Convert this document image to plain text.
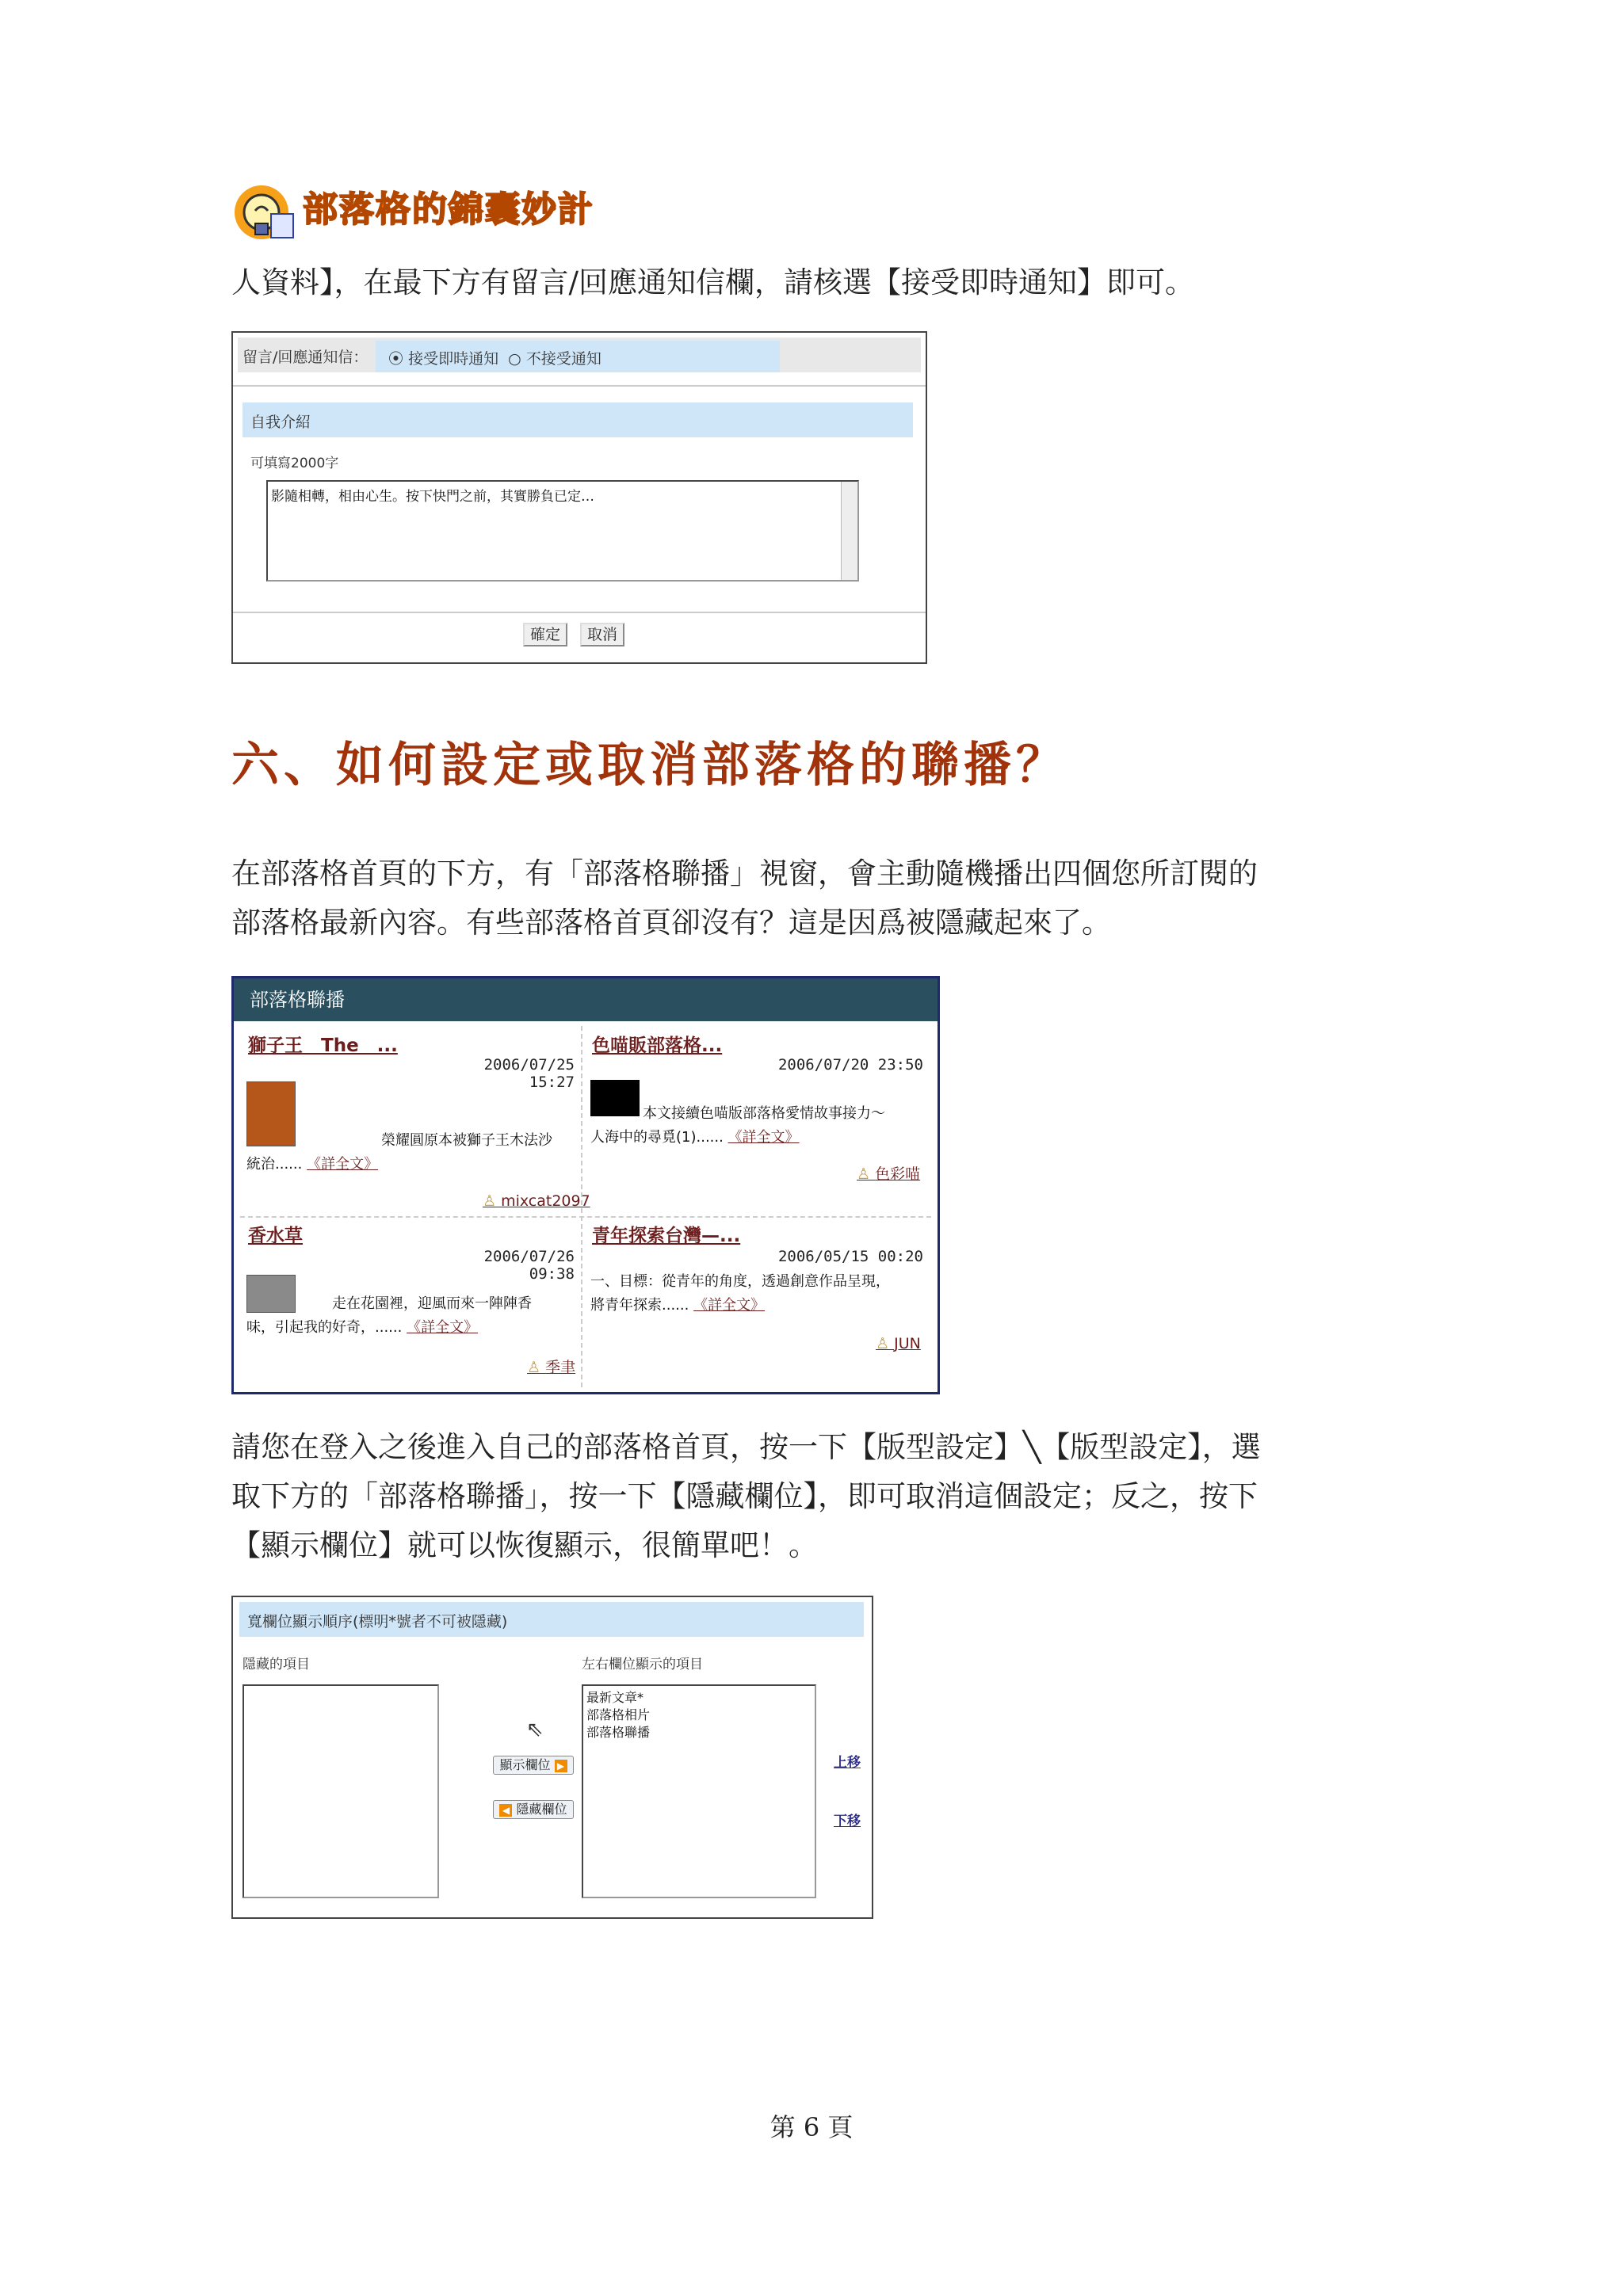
部落格的錦囊妙計
人資料】，在最下方有留言/回應通知信欄，請核選【接受即時通知】即可。
留言/回應通知信： ⦿ 接受即時通知 ○ 不接受通知
自我介紹
可填寫2000字
影隨相轉，相由心生。按下快門之前，其實勝負已定…
確定	取消
六、如何設定或取消部落格的聯播？
在部落格首頁的下方，有「部落格聯播」視窗，會主動隨機播出四個您所訂閱的
部落格最新內容。有些部落格首頁卻沒有？這是因爲被隱藏起來了。
部落格聯播
獅子王　The　...
2006/07/25 15:27
榮耀圓原本被獅子王木法沙
統治...... 《詳全文》
♙ mixcat2097
色喵販部落格...
2006/07/20 23:50
本文接續色喵版部落格愛情故事接力～
人海中的尋覓(1)...... 《詳全文》
♙ 色彩喵
香水草
2006/07/26 09:38
走在花園裡，迎風而來一陣陣香
味，引起我的好奇，...... 《詳全文》
♙ 季聿
青年探索台灣—...
2006/05/15 00:20
一、目標：從青年的角度，透過創意作品呈現，
將青年探索...... 《詳全文》
♙ JUN
請您在登入之後進入自己的部落格首頁，按一下【版型設定】╲【版型設定】，選
取下方的「部落格聯播」，按一下【隱藏欄位】，即可取消這個設定；反之，按下
【顯示欄位】就可以恢復顯示，很簡單吧！。
寬欄位顯示順序(標明*號者不可被隱藏)
隱藏的項目	左右欄位顯示的項目
⇖
顯示欄位 ▶
◀ 隱藏欄位
最新文章*
部落格相片
部落格聯播
上移
下移
第 6 頁
